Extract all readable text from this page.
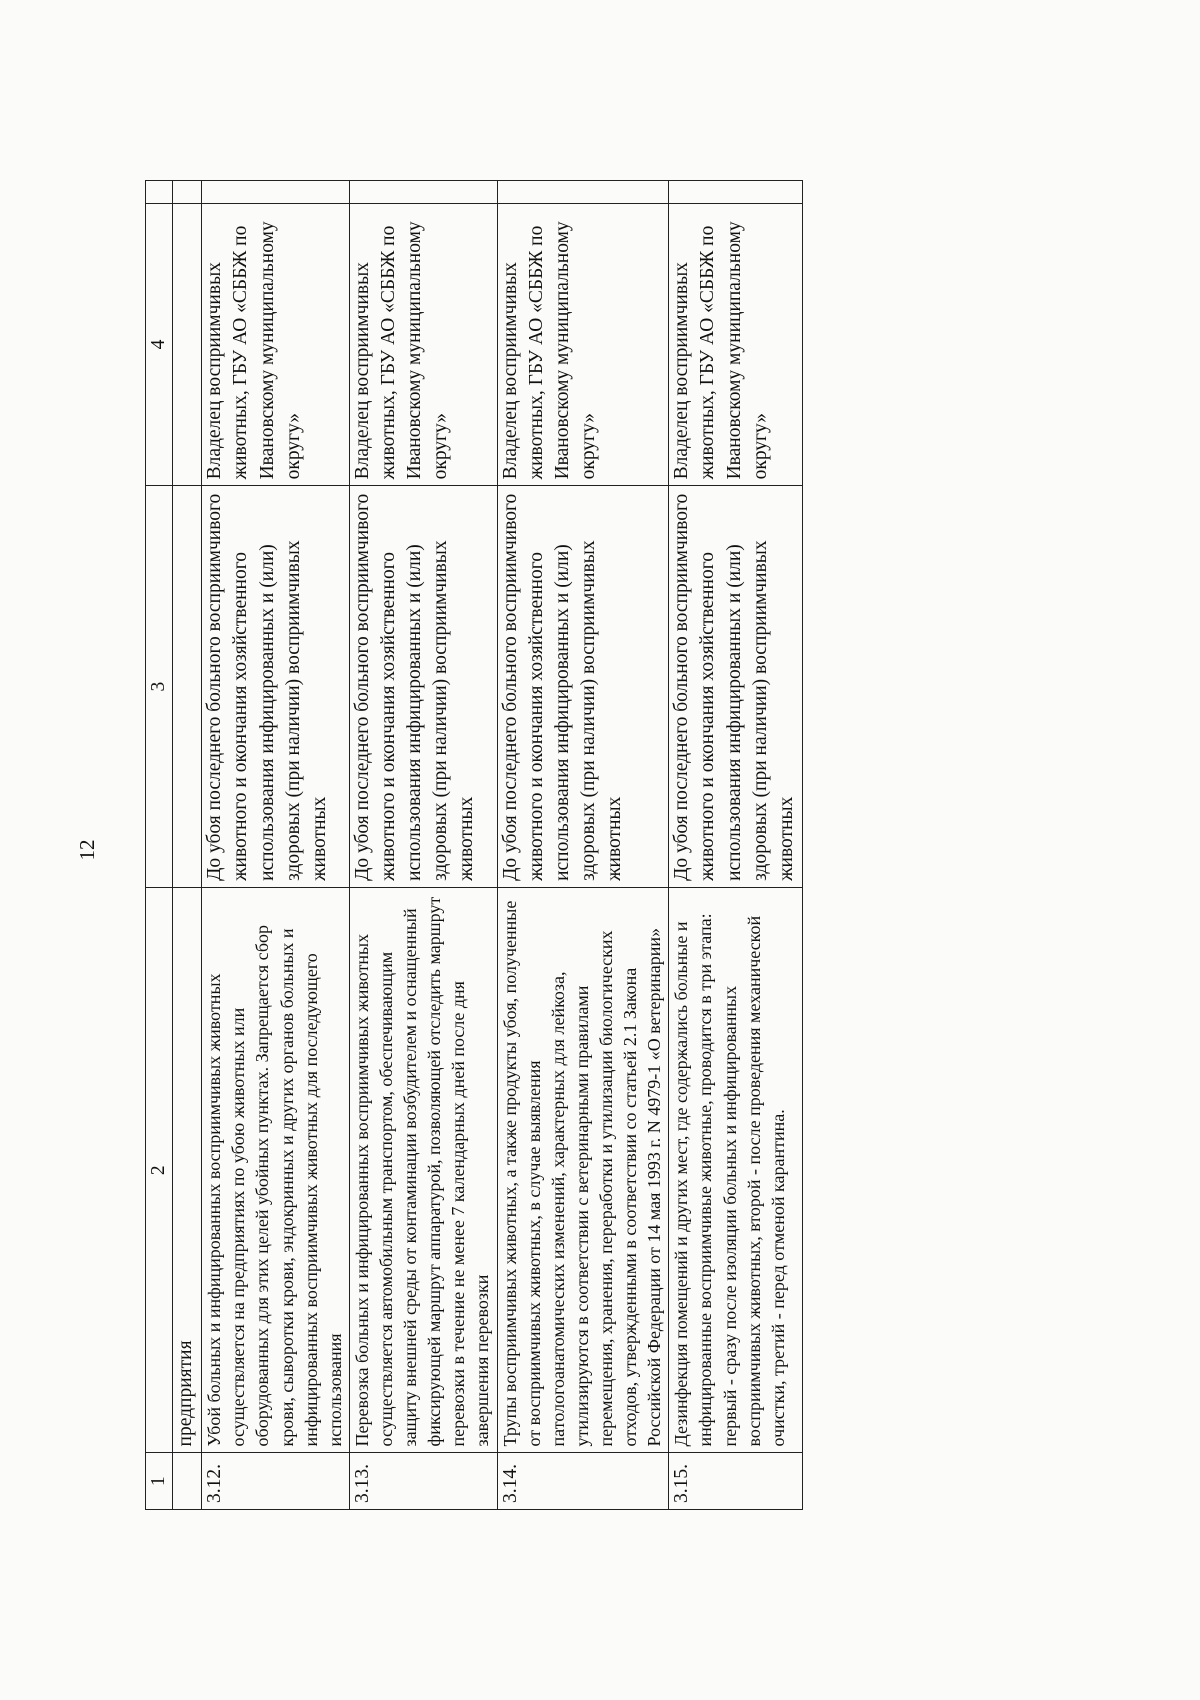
12
1	2	3	4	
	предприятия			
3.12.	Убой больных и инфицированных восприимчивых животных осуществляется на предприятиях по убою животных или оборудованных для этих целей убойных пунктах. Запрещается сбор крови, сыворотки крови, эндокринных и других органов больных и инфицированных восприимчивых животных для последующего использования	До убоя последнего больного восприимчивого животного и окончания хозяйственного использования инфицированных и (или) здоровых (при наличии) восприимчивых животных	Владелец восприимчивых животных, ГБУ АО «СББЖ по Ивановскому муниципальному округу»	
3.13.	Перевозка больных и инфицированных восприимчивых животных осуществляется автомобильным транспортом, обеспечивающим защиту внешней среды от контаминации возбудителем и оснащенный фиксирующей маршрут аппаратурой, позволяющей отследить маршрут перевозки в течение не менее 7 календарных дней после дня завершения перевозки	До убоя последнего больного восприимчивого животного и окончания хозяйственного использования инфицированных и (или) здоровых (при наличии) восприимчивых животных	Владелец восприимчивых животных, ГБУ АО «СББЖ по Ивановскому муниципальному округу»	
3.14.	Трупы восприимчивых животных, а также продукты убоя, полученные от восприимчивых животных, в случае выявления патологоанатомических изменений, характерных для лейкоза, утилизируются в соответствии с ветеринарными правилами перемещения, хранения, переработки и утилизации биологических отходов, утвержденными в соответствии со статьей 2.1 Закона Российской Федерации от 14 мая 1993 г. N 4979-1 «О ветеринарии»	До убоя последнего больного восприимчивого животного и окончания хозяйственного использования инфицированных и (или) здоровых (при наличии) восприимчивых животных	Владелец восприимчивых животных, ГБУ АО «СББЖ по Ивановскому муниципальному округу»	
3.15.	Дезинфекция помещений и других мест, где содержались больные и инфицированные восприимчивые животные, проводится в три этапа: первый - сразу после изоляции больных и инфицированных восприимчивых животных, второй - после проведения механической очистки, третий - перед отменой карантина.	До убоя последнего больного восприимчивого животного и окончания хозяйственного использования инфицированных и (или) здоровых (при наличии) восприимчивых животных	Владелец восприимчивых животных, ГБУ АО «СББЖ по Ивановскому муниципальному округу»	
